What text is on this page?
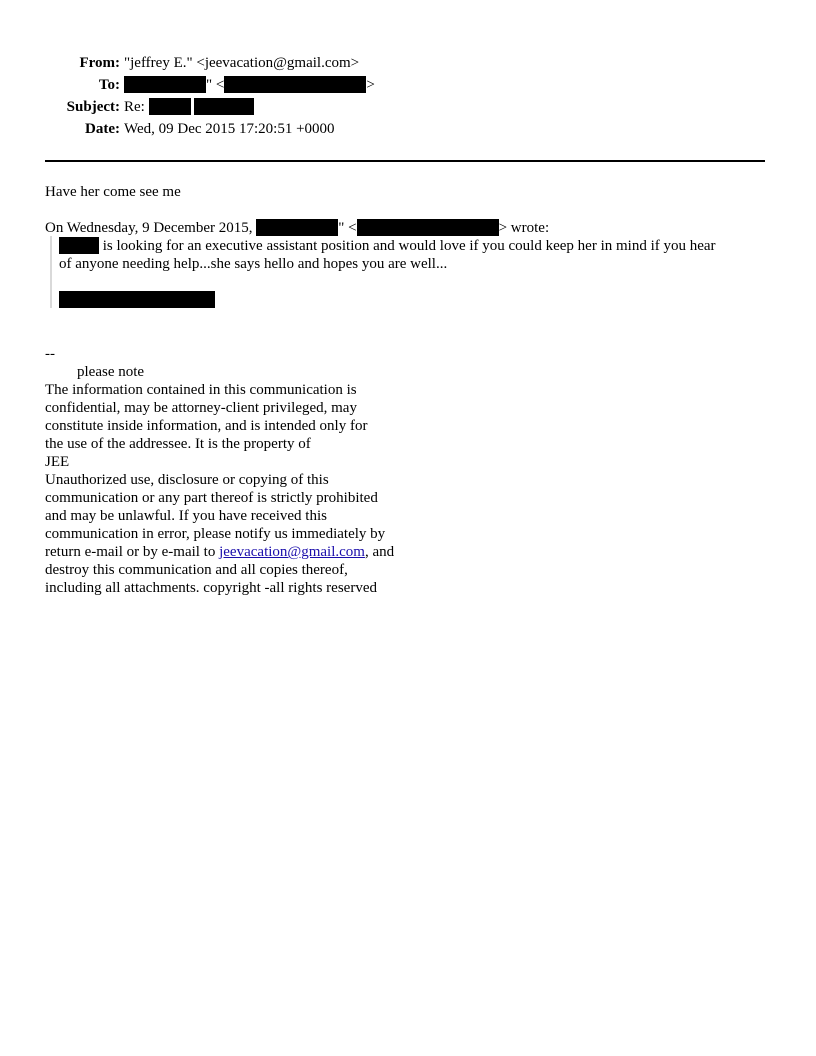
From: "jeffrey E." <jeevacation@gmail.com>
To:	" <	>
Subject: Re:
Date: Wed, 09 Dec 2015 17:20:51 +0000
Have her come see me
On Wednesday, 9 December 2015,	" <	> wrote:
is looking for an executive assistant position and would love if you could keep her in mind if you hear
of anyone needing help...she says hello and hopes you are well...
--
please note
The information contained in this communication is
confidential, may be attorney-client privileged, may
constitute inside information, and is intended only for
the use of the addressee. It is the property of
JEE
Unauthorized use, disclosure or copying of this
communication or any part thereof is strictly prohibited
and may be unlawful. If you have received this
communication in error, please notify us immediately by
return e-mail or by e-mail to jeevacation@gmail.com, and
destroy this communication and all copies thereof,
including all attachments. copyright -all rights reserved
